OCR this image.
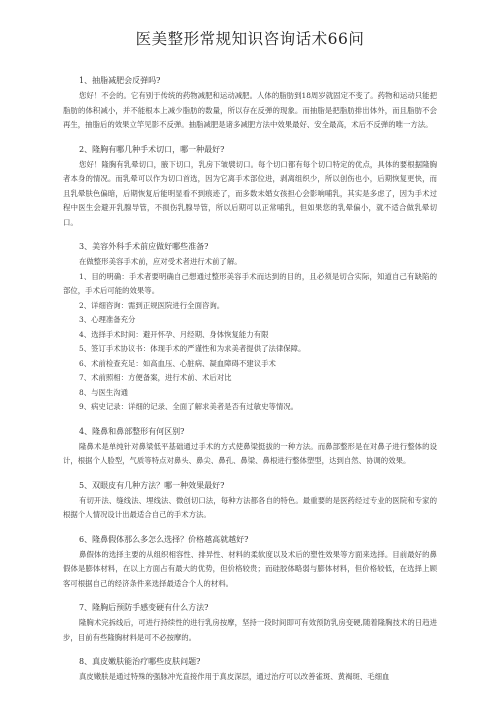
医美整形常规知识咨询话术66问
1、抽脂减肥会反弹吗?

您好！不会的。它有别于传统的药物减肥和运动减肥。人体的脂肪到18周岁就固定不变了。药物和运动只能把脂肪的体积减小，并不能根本上减少脂肪的数量，所以存在反弹的现象。而抽脂是把脂肪排出体外，而且脂肪不会再生，抽脂后的效果立竿见影不反弹。抽脂减肥是诸多减肥方法中效果最好、安全最高，术后不反弹的唯一方法。

2、隆胸有哪几种手术切口，哪一种最好?

您好！隆胸有乳晕切口，腋下切口，乳房下皱襞切口。每个切口都有每个切口特定的优点，具体的要根据隆胸者本身的情况。而乳晕可以作为切口首选，因为它离手术部位进，剥离组织少，所以创伤也小，后期恢复更快，而且乳晕肤色偏暗，后期恢复后能明显看不到痕迹了，而多数未婚女孩担心会影响哺乳，其实是多虑了，因为手术过程中医生会避开乳腺导管，不损伤乳腺导管，所以后期可以正常哺乳，但如果您的乳晕偏小，就不适合做乳晕切口。

3、美容外科手术前应做好哪些准备?

在做整形美容手术前，应对受术者进行术前了解。

1、目的明确：手术者要明确自己想通过整形美容手术而达到的目的，且必须是切合实际，知道自己有缺陷的部位，手术后可能的效果等。

2、详细咨询：需到正规医院进行全面咨询。

3、心理准备充分

4、选择手术时间：避开怀孕、月经期、身体恢复能力有限

5、签订手术协议书：体现手术的严谨性和为求美者提供了法律保障。

6、术前检查充足：如高血压、心脏病、凝血障碍不建议手术

7、术前照相：方便备案，进行术前、术后对比

8、与医生沟通

9、病史记录：详细的记录、全面了解求美者是否有过敏史等情况。

4、隆鼻和鼻部整形有何区别?

隆鼻术是单纯针对鼻梁低平基础通过手术的方式使鼻梁挺拔的一种方法。而鼻部整形是在对鼻子进行整体的设计，根据个人脸型，气质等特点对鼻头、鼻尖、鼻孔、鼻梁、鼻根进行整体塑型，达到自然、协调的效果。

5、双眼皮有几种方法？哪一种效果最好?

有切开法、缝线法、埋线法、微创切口法，每种方法都各自的特色。最重要的是医药经过专业的医院和专家的根据个人情况设计出最适合自己的手术方法。

6、隆鼻假体那么多怎么选择？价格越高就越好?

鼻假体的选择主要的从组织相容性、排异性、材料的柔软度以及术后的塑性效果等方面来选择。目前最好的鼻假体是膨体材料，在以上方面占有最大的优势，但价格较贵；而硅胶体略弱与膨体材料，但价格较低，在选择上顾客可根据自己的经济条件来选择最适合个人的材料。

7、隆胸后预防手感变硬有什么方法?

隆胸术完拆线后，可进行持续性的进行乳房按摩，坚持一段时间即可有效预防乳房变硬,随着隆胸技术的日趋进步，目前有些隆胸材料是可不必按摩的。

8、真皮嫩肤能治疗哪些皮肤问题?

真皮嫩肤是通过特殊的强脉冲光直接作用于真皮深层，通过治疗可以改善雀斑、黄褐斑、毛细血
